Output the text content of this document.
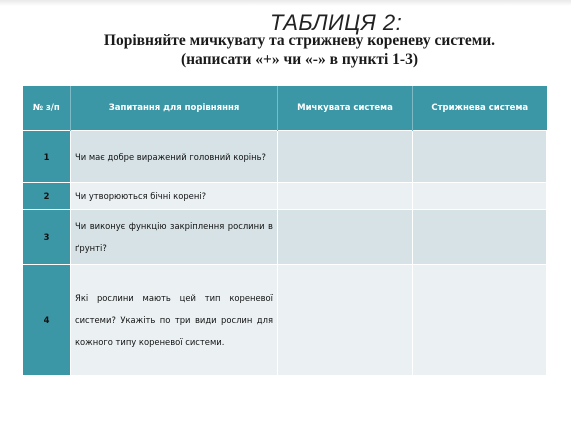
ТАБЛИЦЯ 2:
Порівняйте мичкувату та стрижневу кореневу системи.
(написати «+» чи «-» в пункті 1-3)
№ з/п	Запитання для порівняння	Мичкувата система	Стрижнева система
1	Чи має добре виражений головний корінь?		
2	Чи утворюються бічні корені?		
3	Чи виконує функцію закріплення рослини в ґрунті?		
4	Які рослини мають цей тип кореневої системи? Укажіть по три види рослин для кожного типу кореневої системи.		
